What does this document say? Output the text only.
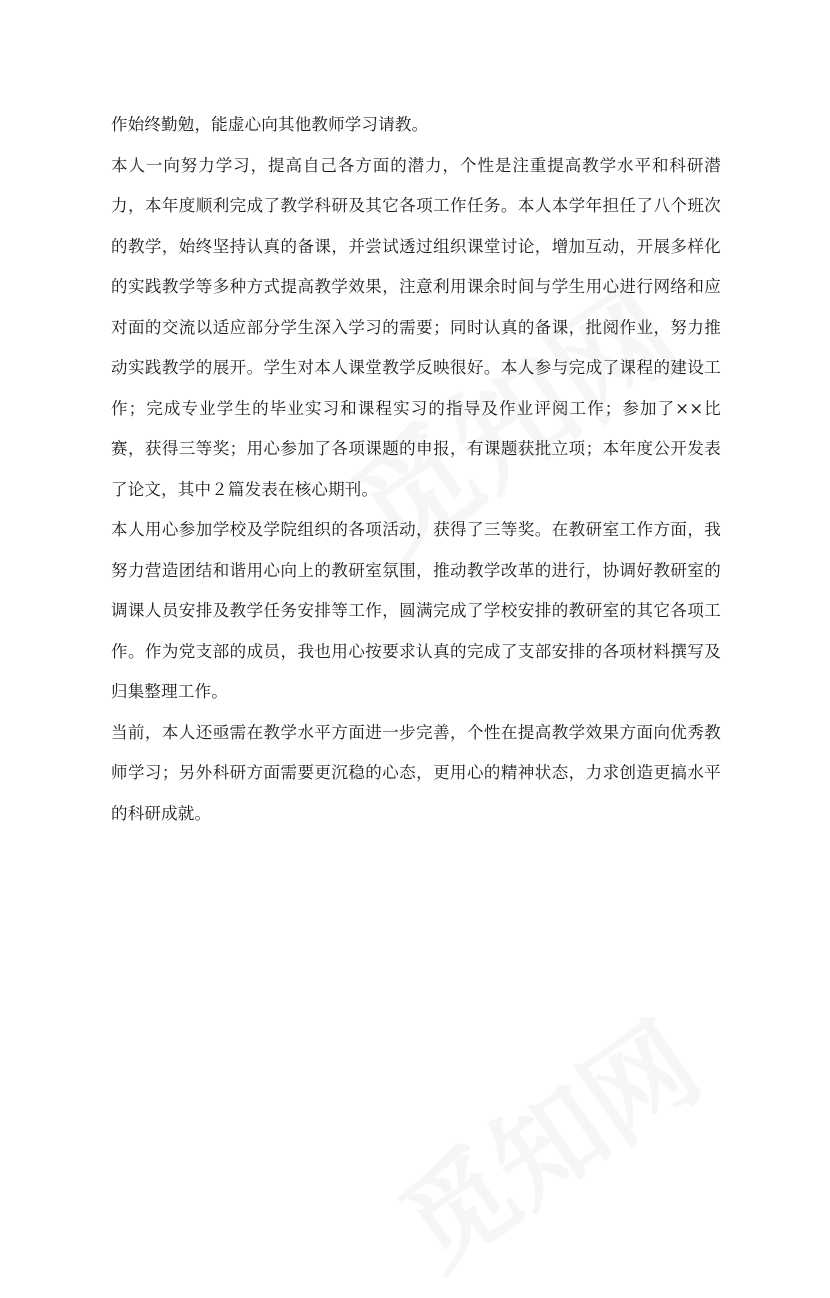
作始终勤勉，能虚心向其他教师学习请教。

本人一向努力学习，提高自己各方面的潜力，个性是注重提高教学水平和科研潜力，本年度顺利完成了教学科研及其它各项工作任务。本人本学年担任了八个班次的教学，始终坚持认真的备课，并尝试透过组织课堂讨论，增加互动，开展多样化的实践教学等多种方式提高教学效果，注意利用课余时间与学生用心进行网络和应对面的交流以适应部分学生深入学习的需要；同时认真的备课，批阅作业，努力推动实践教学的展开。学生对本人课堂教学反映很好。本人参与完成了课程的建设工作；完成专业学生的毕业实习和课程实习的指导及作业评阅工作；参加了××比赛，获得三等奖；用心参加了各项课题的申报，有课题获批立项；本年度公开发表了论文，其中２篇发表在核心期刊。

本人用心参加学校及学院组织的各项活动，获得了三等奖。在教研室工作方面，我努力营造团结和谐用心向上的教研室氛围，推动教学改革的进行，协调好教研室的调课人员安排及教学任务安排等工作，圆满完成了学校安排的教研室的其它各项工作。作为党支部的成员，我也用心按要求认真的完成了支部安排的各项材料撰写及归集整理工作。

当前，本人还亟需在教学水平方面进一步完善，个性在提高教学效果方面向优秀教师学习；另外科研方面需要更沉稳的心态，更用心的精神状态，力求创造更搞水平的科研成就。
